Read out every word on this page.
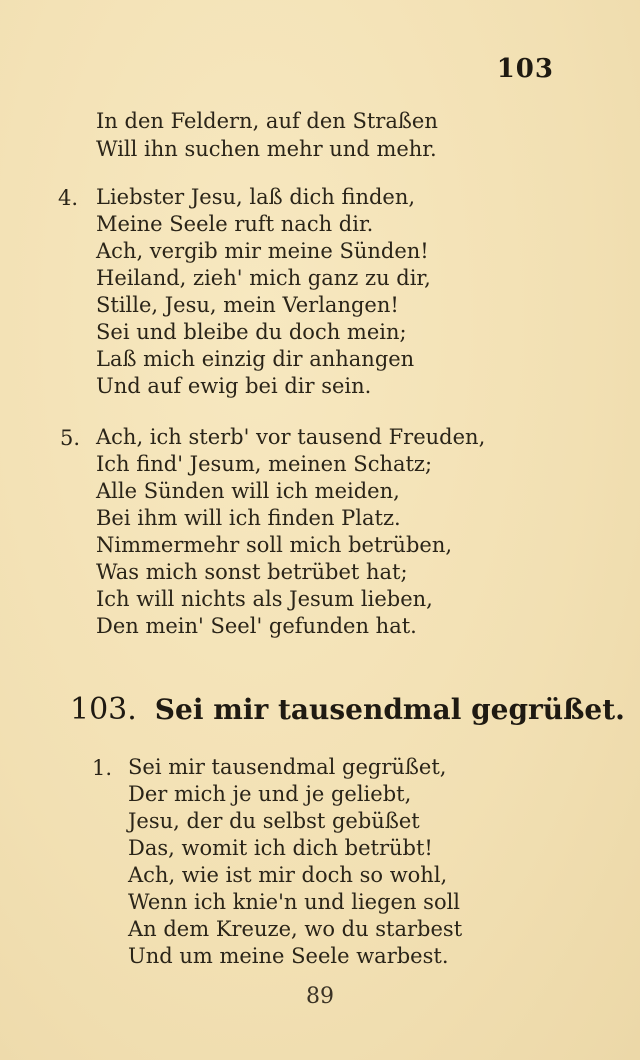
103
In den Feldern, auf den Straßen
Will ihn suchen mehr und mehr.
4. Liebster Jesu, laß dich finden,
Meine Seele ruft nach dir.
Ach, vergib mir meine Sünden!
Heiland, zieh' mich ganz zu dir,
Stille, Jesu, mein Verlangen!
Sei und bleibe du doch mein;
Laß mich einzig dir anhangen
Und auf ewig bei dir sein.
5. Ach, ich sterb' vor tausend Freuden,
Ich find' Jesum, meinen Schatz;
Alle Sünden will ich meiden,
Bei ihm will ich finden Platz.
Nimmermehr soll mich betrüben,
Was mich sonst betrübet hat;
Ich will nichts als Jesum lieben,
Den mein' Seel' gefunden hat.
103. Sei mir tausendmal gegrüßet.
1. Sei mir tausendmal gegrüßet,
Der mich je und je geliebt,
Jesu, der du selbst gebüßet
Das, womit ich dich betrübt!
Ach, wie ist mir doch so wohl,
Wenn ich knie'n und liegen soll
An dem Kreuze, wo du starbest
Und um meine Seele warbest.
89
